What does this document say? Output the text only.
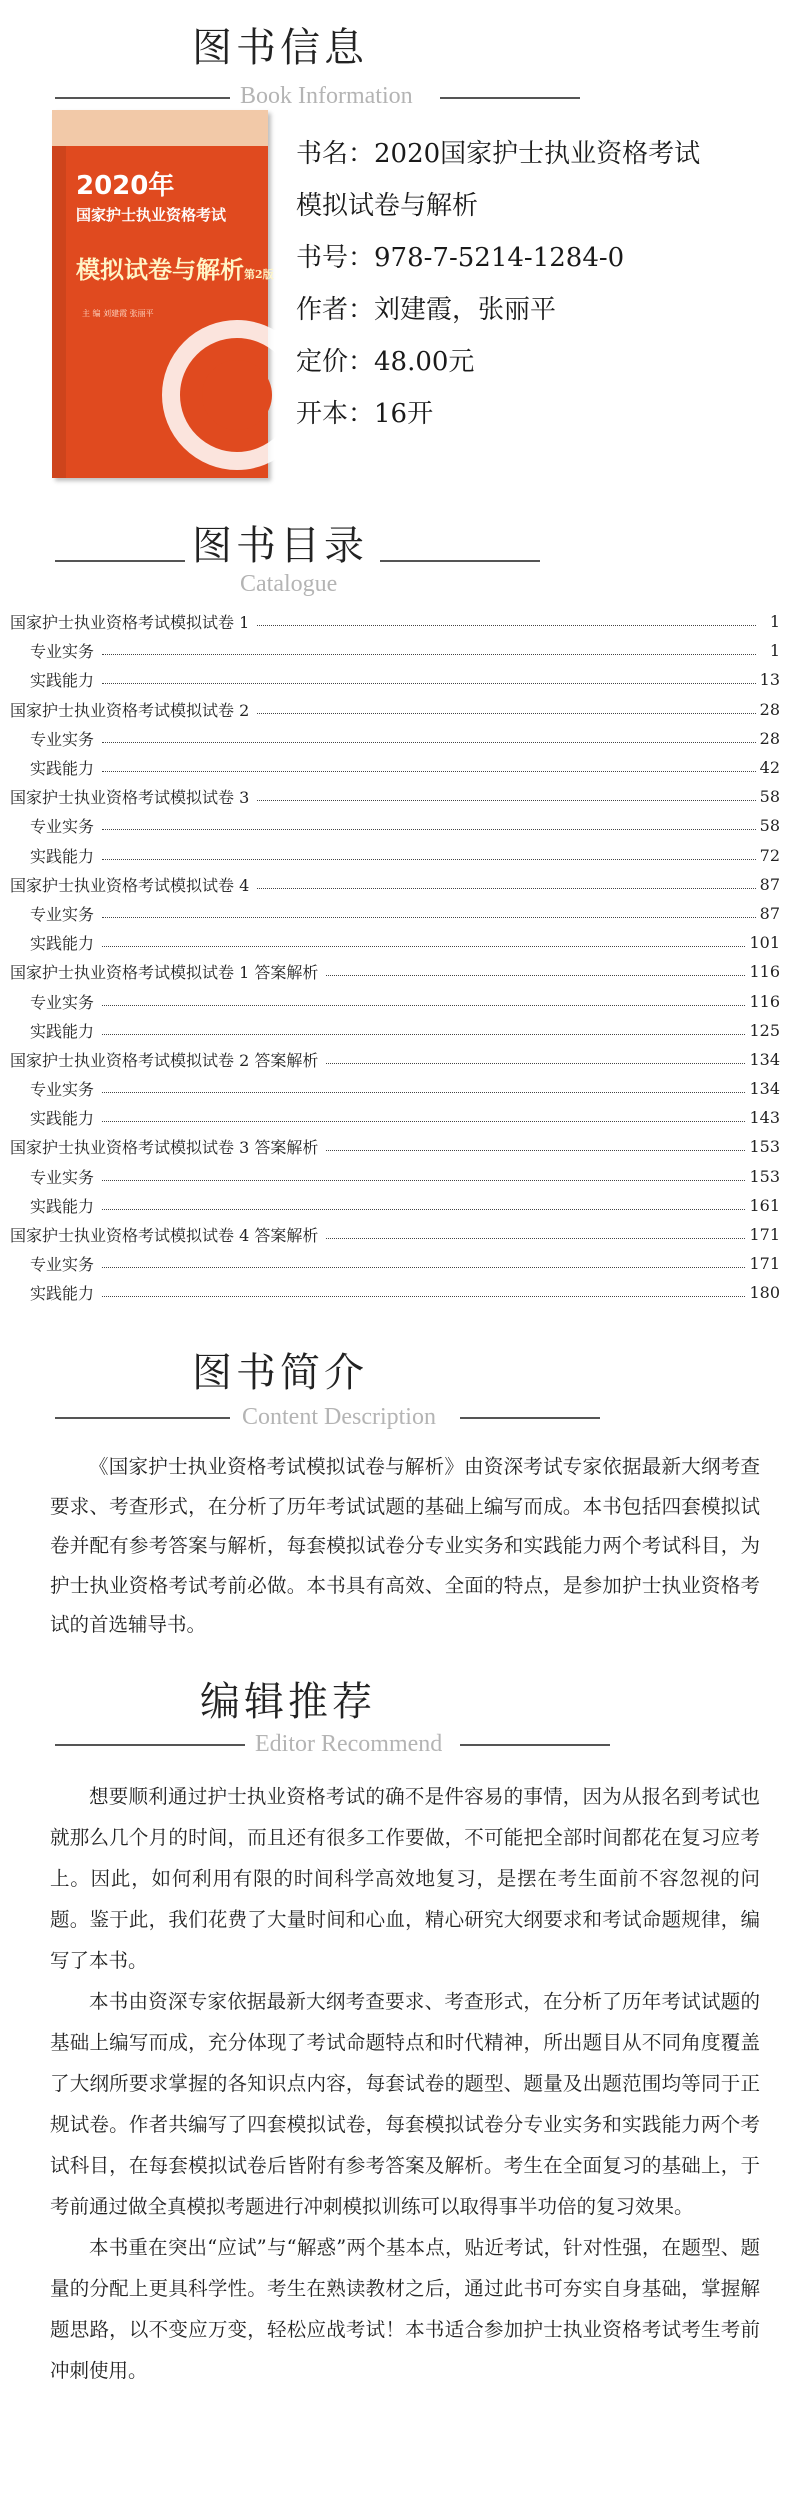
图书信息
Book Information
2020年
国家护士执业资格考试
模拟试卷与解析第2版
主 编 刘建霞 张丽平
书名：2020国家护士执业资格考试
模拟试卷与解析
书号：978-7-5214-1284-0
作者：刘建霞，张丽平
定价：48.00元
开本：16开
图书目录
Catalogue
国家护士执业资格考试模拟试卷 1	1
专业实务	1
实践能力	13
国家护士执业资格考试模拟试卷 2	28
专业实务	28
实践能力	42
国家护士执业资格考试模拟试卷 3	58
专业实务	58
实践能力	72
国家护士执业资格考试模拟试卷 4	87
专业实务	87
实践能力	101
国家护士执业资格考试模拟试卷 1 答案解析	116
专业实务	116
实践能力	125
国家护士执业资格考试模拟试卷 2 答案解析	134
专业实务	134
实践能力	143
国家护士执业资格考试模拟试卷 3 答案解析	153
专业实务	153
实践能力	161
国家护士执业资格考试模拟试卷 4 答案解析	171
专业实务	171
实践能力	180
图书简介
Content Description

《国家护士执业资格考试模拟试卷与解析》由资深考试专家依据最新大纲考查要求、考查形式，在分析了历年考试试题的基础上编写而成。本书包括四套模拟试卷并配有参考答案与解析，每套模拟试卷分专业实务和实践能力两个考试科目，为护士执业资格考试考前必做。本书具有高效、全面的特点，是参加护士执业资格考试的首选辅导书。

编辑推荐
Editor Recommend

想要顺利通过护士执业资格考试的确不是件容易的事情，因为从报名到考试也就那么几个月的时间，而且还有很多工作要做，不可能把全部时间都花在复习应考上。因此，如何利用有限的时间科学高效地复习，是摆在考生面前不容忽视的问题。鉴于此，我们花费了大量时间和心血，精心研究大纲要求和考试命题规律，编写了本书。

本书由资深专家依据最新大纲考查要求、考查形式，在分析了历年考试试题的基础上编写而成，充分体现了考试命题特点和时代精神，所出题目从不同角度覆盖了大纲所要求掌握的各知识点内容，每套试卷的题型、题量及出题范围均等同于正规试卷。作者共编写了四套模拟试卷，每套模拟试卷分专业实务和实践能力两个考试科目，在每套模拟试卷后皆附有参考答案及解析。考生在全面复习的基础上，于考前通过做全真模拟考题进行冲刺模拟训练可以取得事半功倍的复习效果。

本书重在突出“应试”与“解惑”两个基本点，贴近考试，针对性强，在题型、题量的分配上更具科学性。考生在熟读教材之后，通过此书可夯实自身基础，掌握解题思路，以不变应万变，轻松应战考试！本书适合参加护士执业资格考试考生考前冲刺使用。
